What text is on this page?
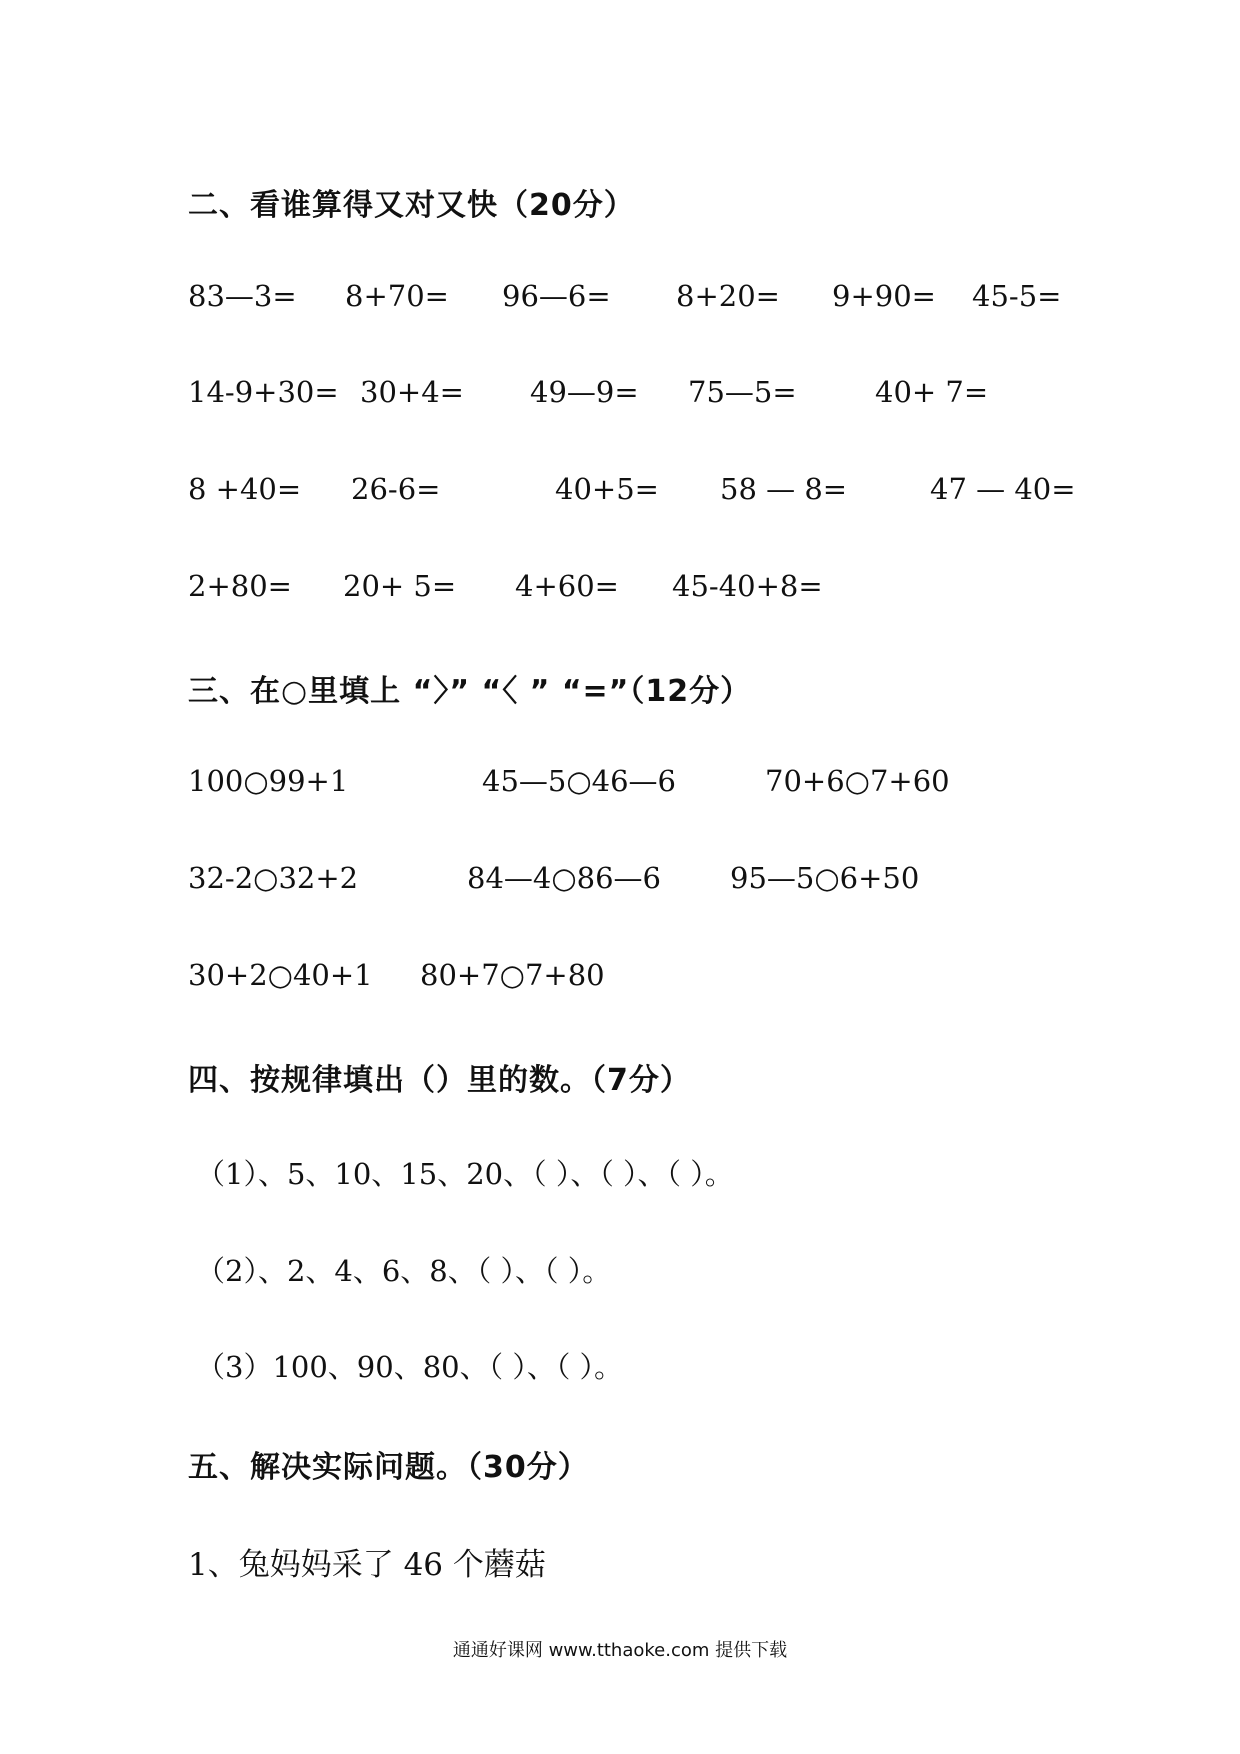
二、看谁算得又对又快（20分）
83—3= 8+70= 96—6= 8+20= 9+90= 45-5=
14-9+30= 30+4= 49—9= 75—5=	40+ 7=
8 +40= 26-6=	40+5= 58 — 8=	47 — 40=
2+80= 20+ 5= 4+60= 45-40+8=
三、在○里填上 “〉” “〈 ” “=”（12分）
100○99+1	45—5○46—6	70+6○7+60
32-2○32+2	84—4○86—6 95—5○6+50
30+2○40+1 80+7○7+80
四、按规律填出（）里的数。（7分）
（1）、5、10、15、20、（ ）、（ ）、（ ）。
（2）、2、4、6、8、（ ）、（ ）。
（3）100、90、80、（ ）、（ ）。
五、解决实际问题。（30分）
1、兔妈妈采了 46 个蘑菇
通通好课网 www.tthaoke.com 提供下载
